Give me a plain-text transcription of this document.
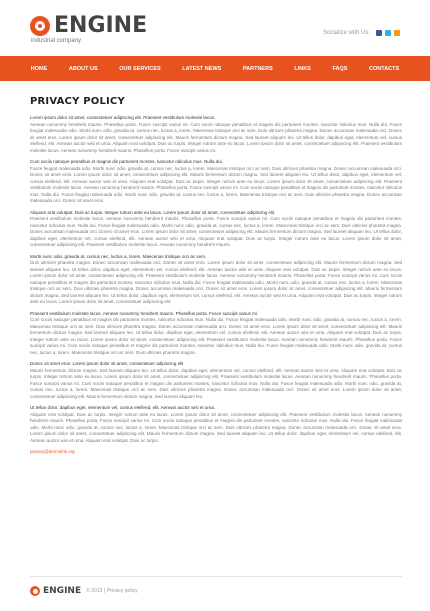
ENGINE
industrial company
Socialize with Us:
HOME	ABOUT US	OUR SERVICES	LATEST NEWS	PARTNERS	LINKS	FAQS	CONTACTS
PRIVACY POLICY
Lorem ipsum dolor sit amet, consectetuer adipiscing elit. Praesent vestibulum molestie lacus.
Aenean nonummy hendrerit mauris. Phasellus porta. Fusce suscipit varius mi. Cum sociis natoque penatibus et magnis dis parturient montes, nascetur ridiculus mus. Nulla dui. Fusce feugiat malesuada odio. Morbi nunc odio, gravida at, cursus nec, luctus a, lorem. Maecenas tristique orci ac sem. Duis ultricies pharetra magna. Donec accumsan malesuada orci. Donec sit amet eros. Lorem ipsum dolor sit amet, consectetuer adipiscing elit. Mauris fermentum dictum magna. Sed laoreet aliquam leo. Ut tellus dolor, dapibus eget, elementum vel, cursus eleifend, elit. Aenean auctor wisi et urna. Aliquam erat volutpat. Duis ac turpis. Integer rutrum ante eu lacus. Lorem ipsum dolor sit amet, consectetuer adipiscing elit. Praesent vestibulum molestie lacus. Aenean nonummy hendrerit mauris. Phasellus porta. Fusce suscipit varius mi.
Cum sociis natoque penatibus et magnis dis parturient montes, nascetur ridiculus mus. Nulla dui.
Fusce feugiat malesuada odio. Morbi nunc odio, gravida at, cursus nec, luctus a, lorem. Maecenas tristique orci ac sem. Duis ultricies pharetra magna. Donec accumsan malesuada orci. Donec sit amet eros. Lorem ipsum dolor sit amet, consectetuer adipiscing elit. Mauris fermentum dictum magna. Sed laoreet aliquam leo. Ut tellus dolor, dapibus eget, elementum vel, cursus eleifend, elit. Aenean auctor wisi et urna. Aliquam erat volutpat. Duis ac turpis. Integer rutrum ante eu lacus. Lorem ipsum dolor sit amet, consectetuer adipiscing elit. Praesent vestibulum molestie lacus. Aenean nonummy hendrerit mauris. Phasellus porta. Fusce suscipit varius mi. Cum sociis natoque penatibus et magnis dis parturient montes, nascetur ridiculus mus. Nulla dui. Fusce feugiat malesuada odio. Morbi nunc odio, gravida at, cursus nec, luctus a, lorem. Maecenas tristique orci ac sem. Duis ultricies pharetra magna. Donec accumsan malesuada orci. Donec sit amet eros.
Aliquam erat volutpat. Duis ac turpis. Integer rutrum ante eu lacus. Lorem ipsum dolor sit amet, consectetuer adipiscing elit.
Praesent vestibulum molestie lacus. Aenean nonummy hendrerit mauris. Phasellus porta. Fusce suscipit varius mi. Cum sociis natoque penatibus et magnis dis parturient montes, nascetur ridiculus mus. Nulla dui. Fusce feugiat malesuada odio. Morbi nunc odio, gravida at, cursus nec, luctus a, lorem. Maecenas tristique orci ac sem. Duis ultricies pharetra magna. Donec accumsan malesuada orci. Donec sit amet eros. Lorem ipsum dolor sit amet, consectetuer adipiscing elit. Mauris fermentum dictum magna. Sed laoreet aliquam leo. Ut tellus dolor, dapibus eget, elementum vel, cursus eleifend, elit. Aenean auctor wisi et urna. Aliquam erat volutpat. Duis ac turpis. Integer rutrum ante eu lacus. Lorem ipsum dolor sit amet, consectetuer adipiscing elit. Praesent vestibulum molestie lacus. Aenean nonummy hendrerit mauris.
Morbi nunc odio, gravida at, cursus nec, luctus a, lorem. Maecenas tristique orci ac sem.
Duis ultricies pharetra magna. Donec accumsan malesuada orci. Donec sit amet eros. Lorem ipsum dolor sit amet, consectetuer adipiscing elit. Mauris fermentum dictum magna. Sed laoreet aliquam leo. Ut tellus dolor, dapibus eget, elementum vel, cursus eleifend, elit. Aenean auctor wisi et urna. Aliquam erat volutpat. Duis ac turpis. Integer rutrum ante eu lacus. Lorem ipsum dolor sit amet, consectetuer adipiscing elit. Praesent vestibulum molestie lacus. Aenean nonummy hendrerit mauris. Phasellus porta. Fusce suscipit varius mi. Cum sociis natoque penatibus et magnis dis parturient montes, nascetur ridiculus mus. Nulla dui. Fusce feugiat malesuada odio. Morbi nunc odio, gravida at, cursus nec, luctus a, lorem. Maecenas tristique orci ac sem. Duis ultricies pharetra magna. Donec accumsan malesuada orci. Donec sit amet eros. Lorem ipsum dolor sit amet, consectetuer adipiscing elit. Mauris fermentum dictum magna. Sed laoreet aliquam leo. Ut tellus dolor, dapibus eget, elementum vel, cursus eleifend, elit. Aenean auctor wisi et urna. Aliquam erat volutpat. Duis ac turpis. Integer rutrum ante eu lacus. Lorem ipsum dolor sit amet, consectetuer adipiscing elit.
Praesent vestibulum molestie lacus. Aenean nonummy hendrerit mauris. Phasellus porta. Fusce suscipit varius mi.
Cum sociis natoque penatibus et magnis dis parturient montes, nascetur ridiculus mus. Nulla dui. Fusce feugiat malesuada odio. Morbi nunc odio, gravida at, cursus nec, luctus a, lorem. Maecenas tristique orci ac sem. Duis ultricies pharetra magna. Donec accumsan malesuada orci. Donec sit amet eros. Lorem ipsum dolor sit amet, consectetuer adipiscing elit. Mauris fermentum dictum magna. Sed laoreet aliquam leo. Ut tellus dolor, dapibus eget, elementum vel, cursus eleifend, elit. Aenean auctor wisi et urna. Aliquam erat volutpat. Duis ac turpis. Integer rutrum ante eu lacus. Lorem ipsum dolor sit amet, consectetuer adipiscing elit. Praesent vestibulum molestie lacus. Aenean nonummy hendrerit mauris. Phasellus porta. Fusce suscipit varius mi. Cum sociis natoque penatibus et magnis dis parturient montes, nascetur ridiculus mus. Nulla dui. Fusce feugiat malesuada odio. Morbi nunc odio, gravida at, cursus nec, luctus a, lorem. Maecenas tristique orci ac sem. Duis ultricies pharetra magna.
Donec sit amet eros. Lorem ipsum dolor sit amet, consectetuer adipiscing elit.
Mauris fermentum dictum magna. Sed laoreet aliquam leo. Ut tellus dolor, dapibus eget, elementum vel, cursus eleifend, elit. Aenean auctor wisi et urna. Aliquam erat volutpat. Duis ac turpis. Integer rutrum ante eu lacus. Lorem ipsum dolor sit amet, consectetuer adipiscing elit. Praesent vestibulum molestie lacus. Aenean nonummy hendrerit mauris. Phasellus porta. Fusce suscipit varius mi. Cum sociis natoque penatibus et magnis dis parturient montes, nascetur ridiculus mus. Nulla dui. Fusce feugiat malesuada odio. Morbi nunc odio, gravida at, cursus nec, luctus a, lorem. Maecenas tristique orci ac sem. Duis ultricies pharetra magna. Donec accumsan malesuada orci. Donec sit amet eros. Lorem ipsum dolor sit amet, consectetuer adipiscing elit. Mauris fermentum dictum magna. Sed laoreet aliquam leo.
Ut tellus dolor, dapibus eget, elementum vel, cursus eleifend, elit. Aenean auctor wisi et urna.
Aliquam erat volutpat. Duis ac turpis. Integer rutrum ante eu lacus. Lorem ipsum dolor sit amet, consectetuer adipiscing elit. Praesent vestibulum molestie lacus. Aenean nonummy hendrerit mauris. Phasellus porta. Fusce suscipit varius mi. Cum sociis natoque penatibus et magnis dis parturient montes, nascetur ridiculus mus. Nulla dui. Fusce feugiat malesuada odio. Morbi nunc odio, gravida at, cursus nec, luctus a, lorem. Maecenas tristique orci ac sem. Duis ultricies pharetra magna. Donec accumsan malesuada orci. Donec sit amet eros. Lorem ipsum dolor sit amet, consectetuer adipiscing elit. Mauris fermentum dictum magna. Sed laoreet aliquam leo. Ut tellus dolor, dapibus eget, elementum vel, cursus eleifend, elit. Aenean auctor wisi et urna. Aliquam erat volutpat. Duis ac turpis.
privacy@demolink.org
ENGINE © 2013 | Privacy policy
